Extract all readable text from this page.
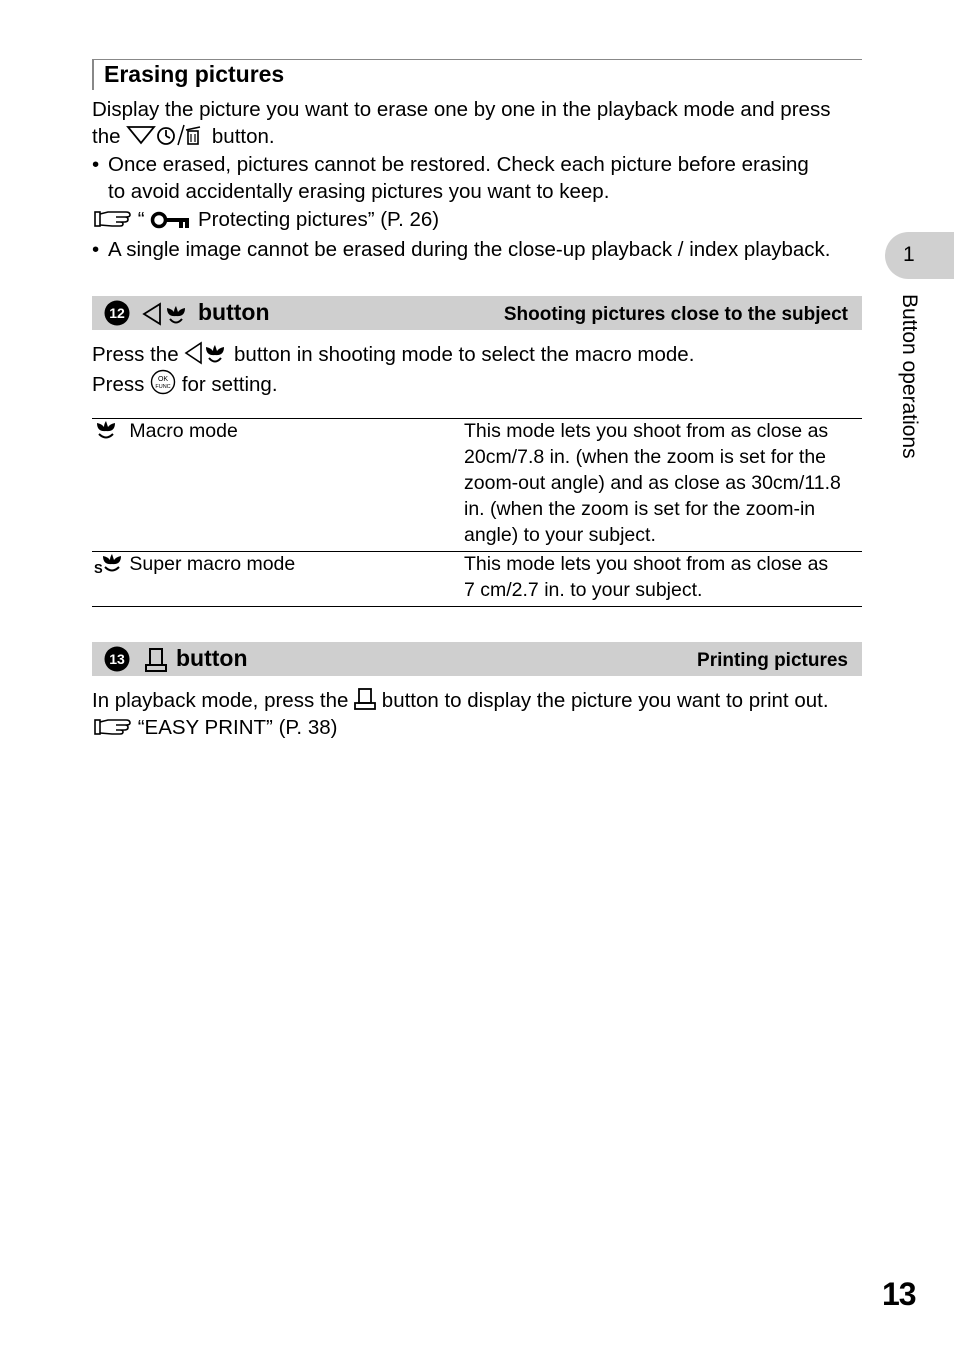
Erasing pictures
Display the picture you want to erase one by one in the playback mode and press
the	button.
• Once erased, pictures cannot be restored. Check each picture before erasing
to avoid accidentally erasing pictures you want to keep.
“	Protecting pictures” (P. 26)
• A single image cannot be erased during the close-up playback / index playback.
12	button	Shooting pictures close to the subject
Press the	button in shooting mode to select the macro mode.
Press OK
FUNC for setting.
Macro mode	This mode lets you shoot from as close as
20cm/7.8 in. (when the zoom is set for the
zoom-out angle) and as close as 30cm/11.8
in. (when the zoom is set for the zoom-in
angle) to your subject.
S Super macro mode	This mode lets you shoot from as close as
7 cm/2.7 in. to your subject.
13 button	Printing pictures
In playback mode, press the button to display the picture you want to print out.
“EASY PRINT” (P. 38)
1
Button operations
13
